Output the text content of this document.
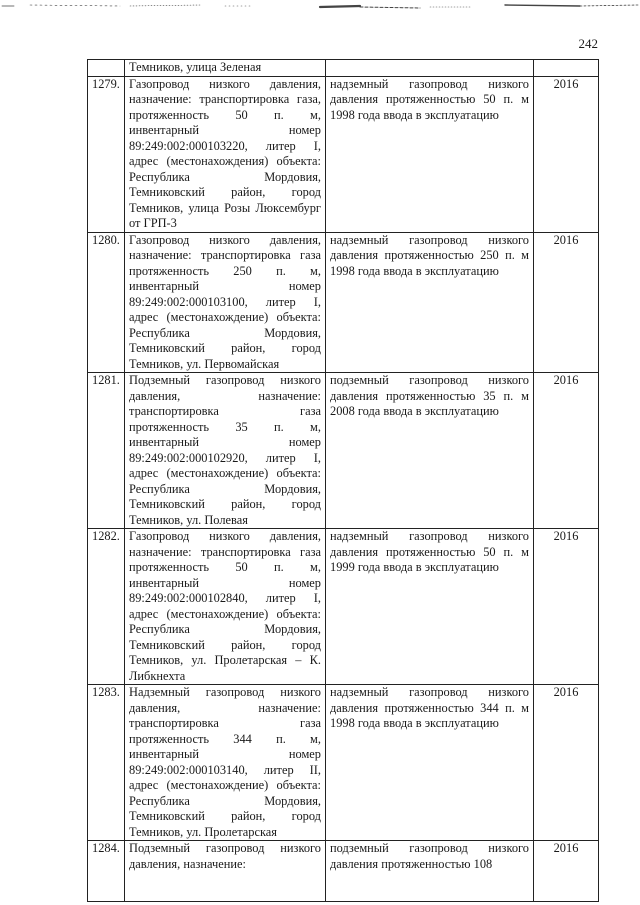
242
	Темников, улица Зеленая		
1279.	Газопровод низкого давления, назначение: транспортировка газа, протяженность 50 п. м, инвентарный номер 89:249:002:000103220, литер I, адрес (местонахождения) объекта: Республика Мордовия, Темниковский район, город Темников, улица Розы Люксембург от ГРП-3	надземный газопровод низкого давления протяженностью 50 п. м 1998 года ввода в эксплуатацию	2016
1280.	Газопровод низкого давления, назначение: транспортировка газа протяженность 250 п. м, инвентарный номер 89:249:002:000103100, литер I, адрес (местонахождение) объекта: Республика Мордовия, Темниковский район, город Темников, ул. Первомайская	надземный газопровод низкого давления протяженностью 250 п. м 1998 года ввода в эксплуатацию	2016
1281.	Подземный газопровод низкого давления, назначение: транспортировка газа протяженность 35 п. м, инвентарный номер 89:249:002:000102920, литер I, адрес (местонахождение) объекта: Республика Мордовия, Темниковский район, город Темников, ул. Полевая	подземный газопровод низкого давления протяженностью 35 п. м 2008 года ввода в эксплуатацию	2016
1282.	Газопровод низкого давления, назначение: транспортировка газа протяженность 50 п. м, инвентарный номер 89:249:002:000102840, литер I, адрес (местонахождение) объекта: Республика Мордовия, Темниковский район, город Темников, ул. Пролетарская – К. Либкнехта	надземный газопровод низкого давления протяженностью 50 п. м 1999 года ввода в эксплуатацию	2016
1283.	Надземный газопровод низкого давления, назначение: транспортировка газа протяженность 344 п. м, инвентарный номер 89:249:002:000103140, литер II, адрес (местонахождение) объекта: Республика Мордовия, Темниковский район, город Темников, ул. Пролетарская	надземный газопровод низкого давления протяженностью 344 п. м 1998 года ввода в эксплуатацию	2016
1284.	Подземный газопровод низкого давления, назначение:	подземный газопровод низкого давления протяженностью 108	2016
